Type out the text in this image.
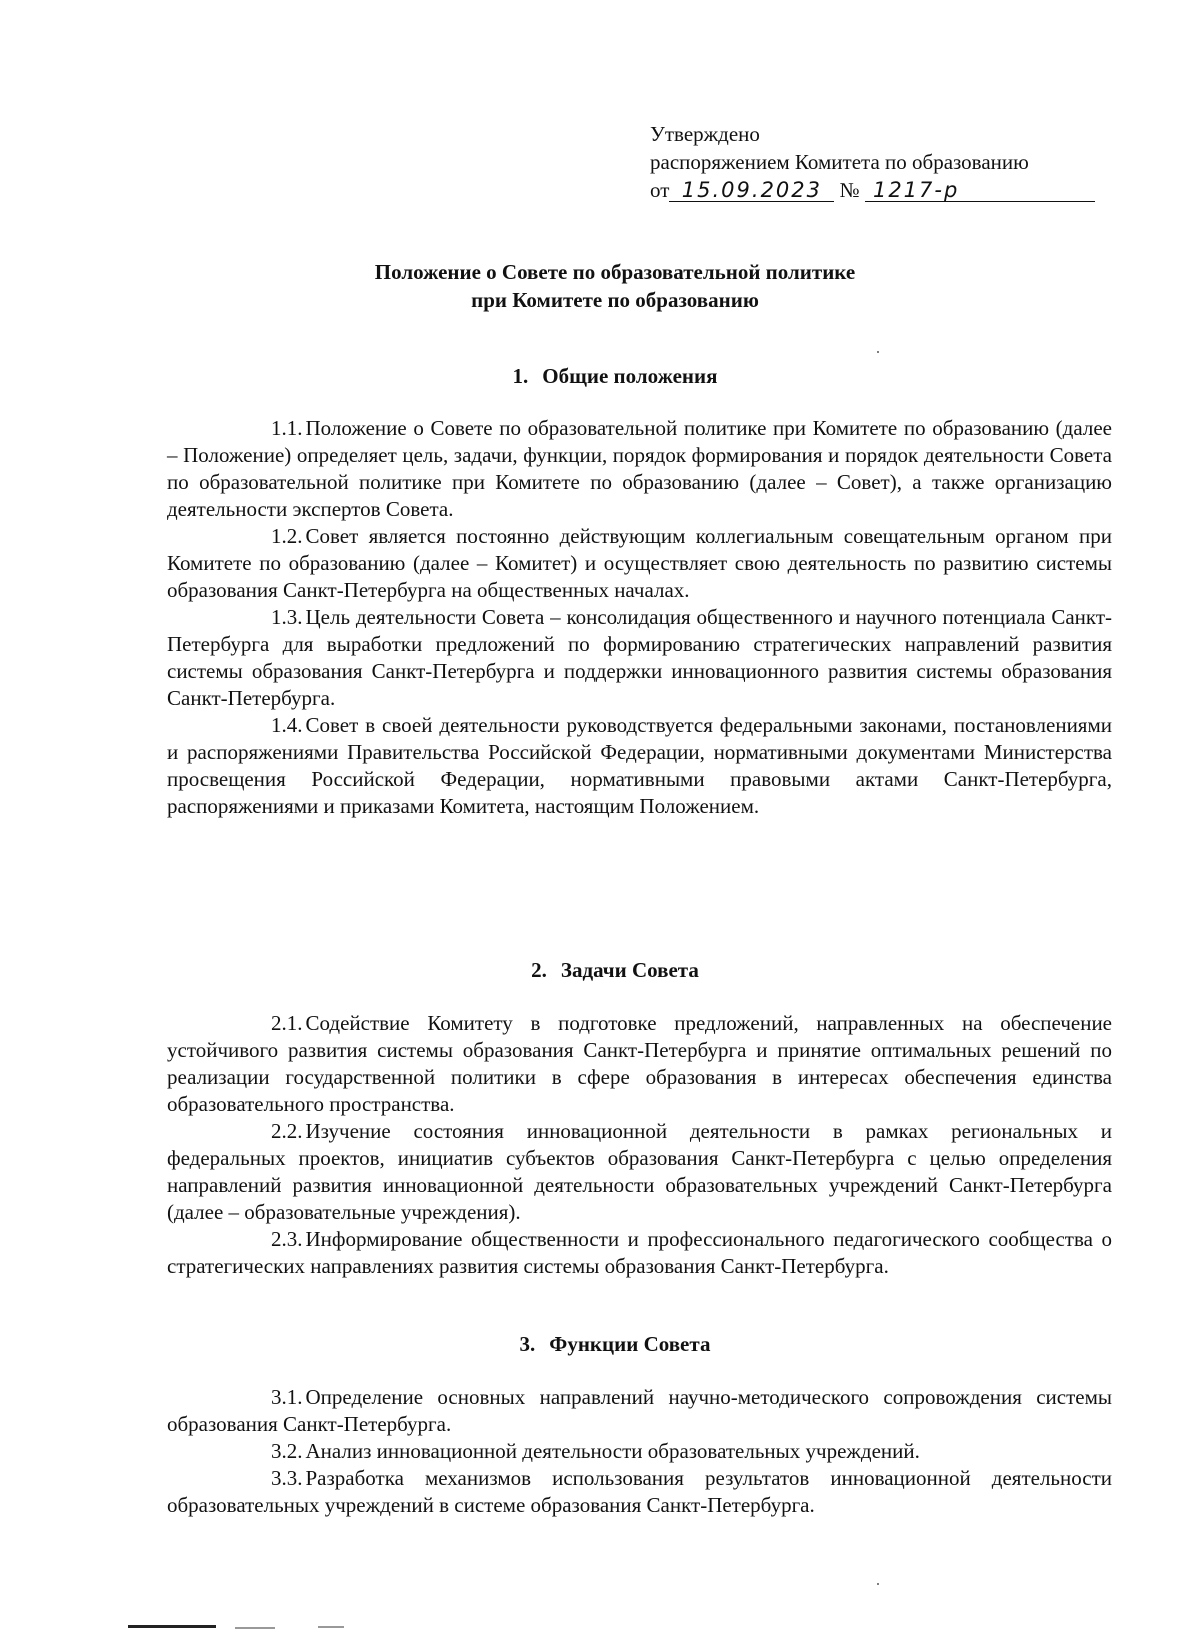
Утверждено
распоряжением Комитета по образованию
от 15.09.2023 № 1217-р
Положение о Совете по образовательной политике
при Комитете по образованию
1. Общие положения

1.1. Положение о Совете по образовательной политике при Комитете по образованию (далее – Положение) определяет цель, задачи, функции, порядок формирования и порядок деятельности Совета по образовательной политике при Комитете по образованию (далее – Совет), а также организацию деятельности экспертов Совета.

1.2. Совет является постоянно действующим коллегиальным совещательным органом при Комитете по образованию (далее – Комитет) и осуществляет свою деятельность по развитию системы образования Санкт-Петербурга на общественных началах.

1.3. Цель деятельности Совета – консолидация общественного и научного потенциала Санкт-Петербурга для выработки предложений по формированию стратегических направлений развития системы образования Санкт-Петербурга и поддержки инновационного развития системы образования Санкт-Петербурга.

1.4. Совет в своей деятельности руководствуется федеральными законами, постановлениями и распоряжениями Правительства Российской Федерации, нормативными документами Министерства просвещения Российской Федерации, нормативными правовыми актами Санкт-Петербурга, распоряжениями и приказами Комитета, настоящим Положением.

2. Задачи Совета

2.1. Содействие Комитету в подготовке предложений, направленных на обеспечение устойчивого развития системы образования Санкт-Петербурга и принятие оптимальных решений по реализации государственной политики в сфере образования в интересах обеспечения единства образовательного пространства.

2.2. Изучение состояния инновационной деятельности в рамках региональных и федеральных проектов, инициатив субъектов образования Санкт-Петербурга с целью определения направлений развития инновационной деятельности образовательных учреждений Санкт-Петербурга (далее – образовательные учреждения).

2.3. Информирование общественности и профессионального педагогического сообщества о стратегических направлениях развития системы образования Санкт-Петербурга.

3. Функции Совета

3.1. Определение основных направлений научно-методического сопровождения системы образования Санкт-Петербурга.

3.2. Анализ инновационной деятельности образовательных учреждений.

3.3. Разработка механизмов использования результатов инновационной деятельности образовательных учреждений в системе образования Санкт-Петербурга.
